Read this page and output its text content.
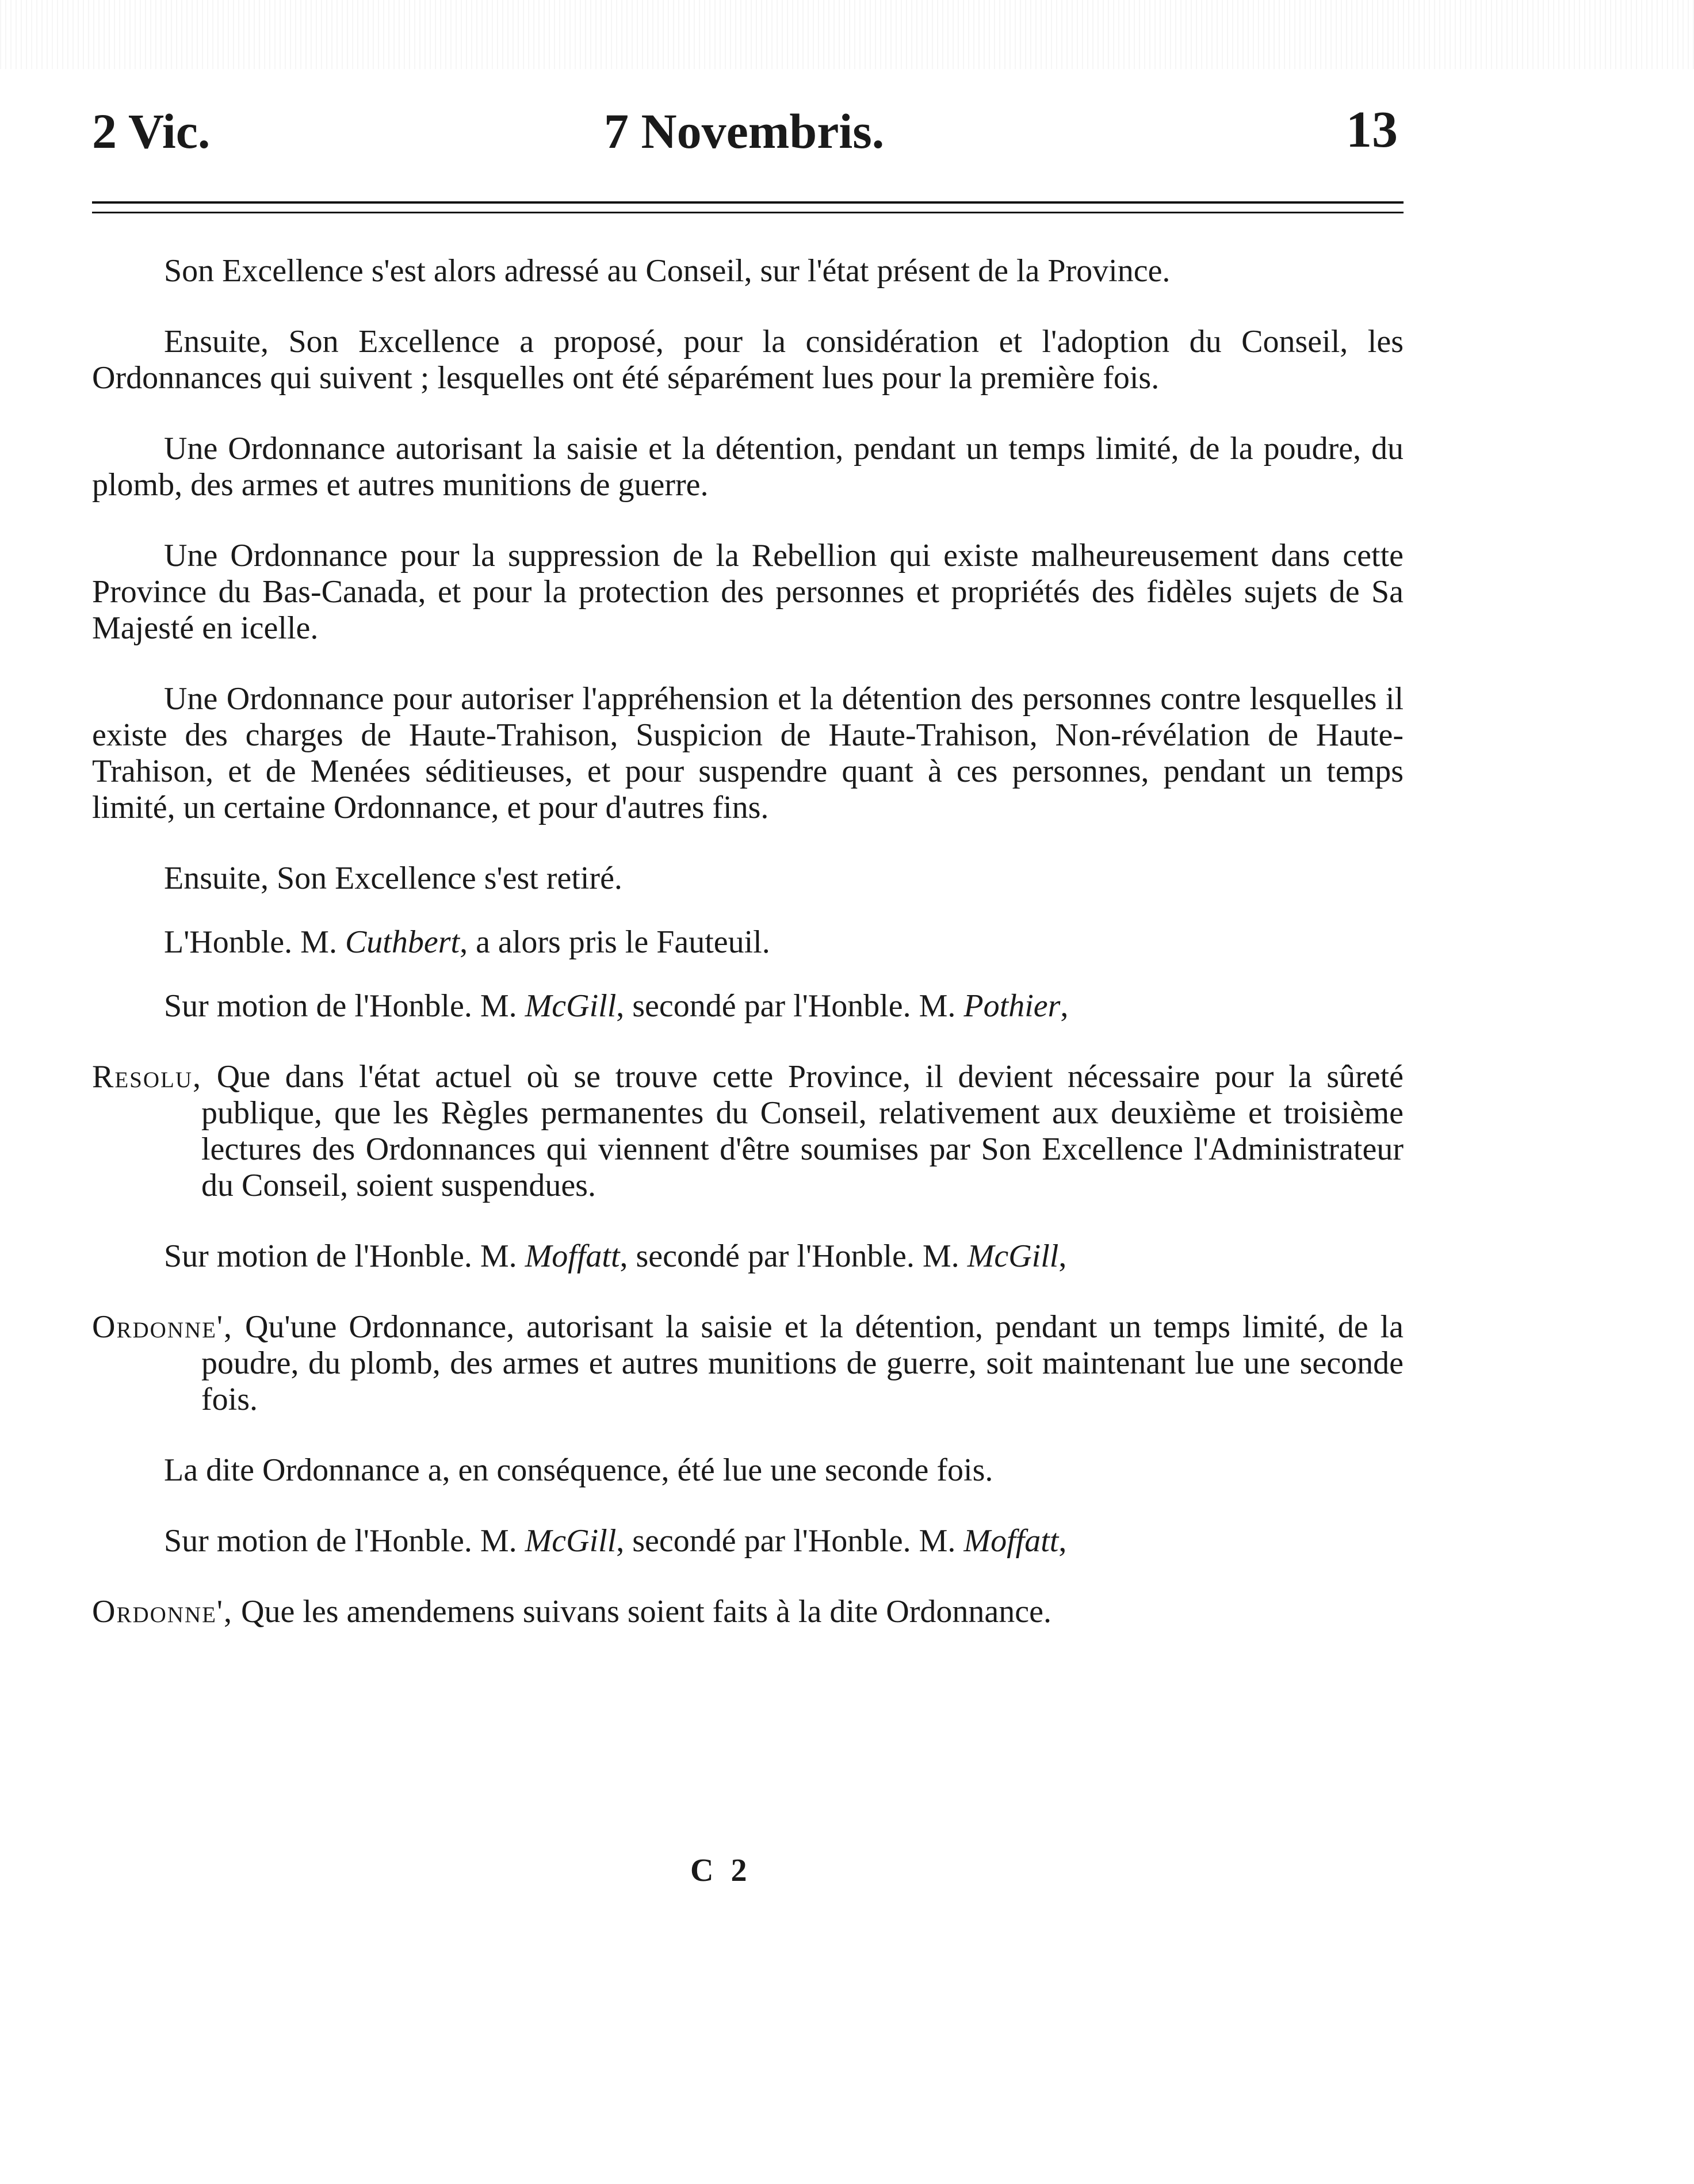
2 Vic.	7 Novembris.	13

Son Excellence s'est alors adressé au Conseil, sur l'état présent de la Province.

Ensuite, Son Excellence a proposé, pour la considération et l'adoption du Conseil, les Ordonnances qui suivent ; lesquelles ont été séparément lues pour la première fois.

Une Ordonnance autorisant la saisie et la détention, pendant un temps limité, de la poudre, du plomb, des armes et autres munitions de guerre.

Une Ordonnance pour la suppression de la Rebellion qui existe malheureusement dans cette Province du Bas-Canada, et pour la protection des personnes et propriétés des fidèles sujets de Sa Majesté en icelle.

Une Ordonnance pour autoriser l'appréhension et la détention des personnes contre lesquelles il existe des charges de Haute-Trahison, Suspicion de Haute-Trahison, Non-révélation de Haute-Trahison, et de Menées séditieuses, et pour suspendre quant à ces personnes, pendant un temps limité, un certaine Ordonnance, et pour d'autres fins.

Ensuite, Son Excellence s'est retiré.

L'Honble. M. Cuthbert, a alors pris le Fauteuil.

Sur motion de l'Honble. M. McGill, secondé par l'Honble. M. Pothier,

Resolu, Que dans l'état actuel où se trouve cette Province, il devient nécessaire pour la sûreté publique, que les Règles permanentes du Conseil, relativement aux deuxième et troisième lectures des Ordonnances qui viennent d'être soumises par Son Excellence l'Administrateur du Conseil, soient suspendues.

Sur motion de l'Honble. M. Moffatt, secondé par l'Honble. M. McGill,

Ordonne', Qu'une Ordonnance, autorisant la saisie et la détention, pendant un temps limité, de la poudre, du plomb, des armes et autres munitions de guerre, soit maintenant lue une seconde fois.

La dite Ordonnance a, en conséquence, été lue une seconde fois.

Sur motion de l'Honble. M. McGill, secondé par l'Honble. M. Moffatt,

Ordonne', Que les amendemens suivans soient faits à la dite Ordonnance.

C 2
